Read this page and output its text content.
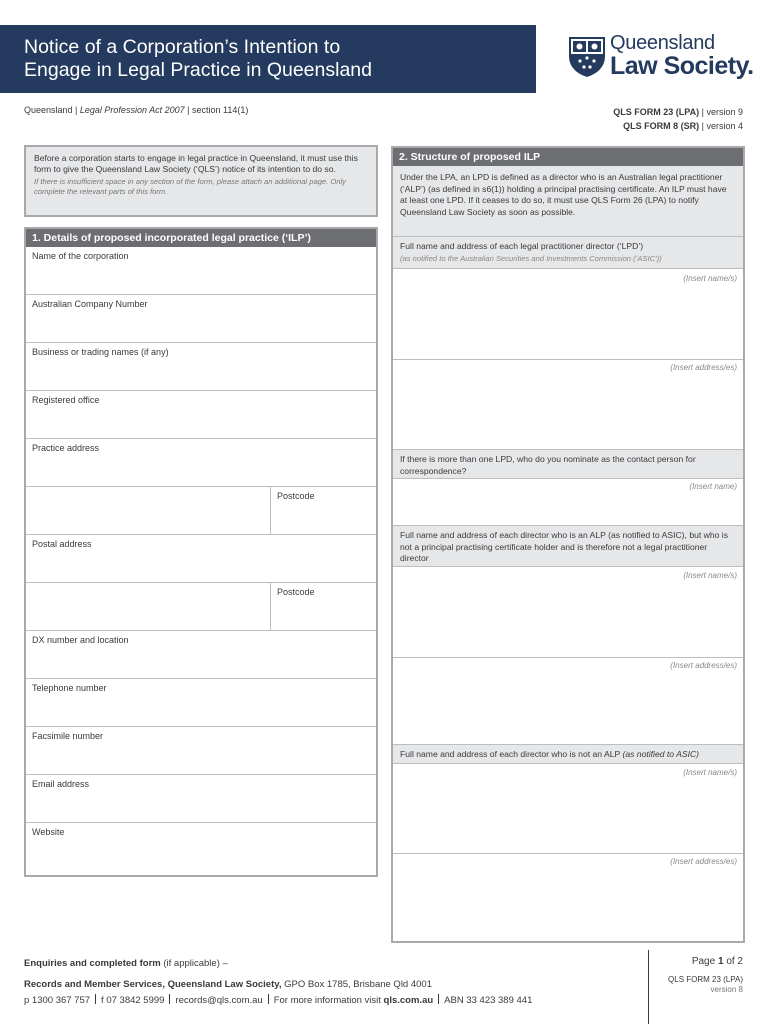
Notice of a Corporation’s Intention to
Engage in Legal Practice in Queensland
Queensland
Law Society.
Queensland | Legal Profession Act 2007 | section 114(1)	QLS FORM 23 (LPA) | version 9
QLS FORM 8 (SR) | version 4
Before a corporation starts to engage in legal practice in Queensland, it must use this form to give the Queensland Law Society (‘QLS’) notice of its intention to do so.
If there is insufficient space in any section of the form, please attach an additional page. Only complete the relevant parts of this form.
1. Details of proposed incorporated legal practice (‘ILP’)
Name of the corporation
Australian Company Number
Business or trading names (if any)
Registered office
Practice address
Postcode
Postal address
Postcode
DX number and location
Telephone number
Facsimile number
Email address
Website
2. Structure of proposed ILP
Under the LPA, an LPD is defined as a director who is an Australian legal practitioner (‘ALP’) (as defined in s6(1)) holding a principal practising certificate. An ILP must have at least one LPD. If it ceases to do so, it must use QLS Form 26 (LPA) to notify Queensland Law Society as soon as possible.
Full name and address of each legal practitioner director (‘LPD’)
(as notified to the Australian Securities and Investments Commission (‘ASIC’))
(Insert name/s)
(Insert address/es)
If there is more than one LPD, who do you nominate as the contact person for correspondence?
(Insert name)
Full name and address of each director who is an ALP (as notified to ASIC), but who is not a principal practising certificate holder and is therefore not a legal practitioner director
(Insert name/s)
(Insert address/es)
Full name and address of each director who is not an ALP (as notified to ASIC)
(Insert name/s)
(Insert address/es)
Enquiries and completed form (if applicable) –
Records and Member Services, Queensland Law Society, GPO Box 1785, Brisbane Qld 4001
p 1300 367 757 f 07 3842 5999 records@qls.com.au For more information visit qls.com.au ABN 33 423 389 441
Page 1 of 2
QLS FORM 23 (LPA)
version 8
